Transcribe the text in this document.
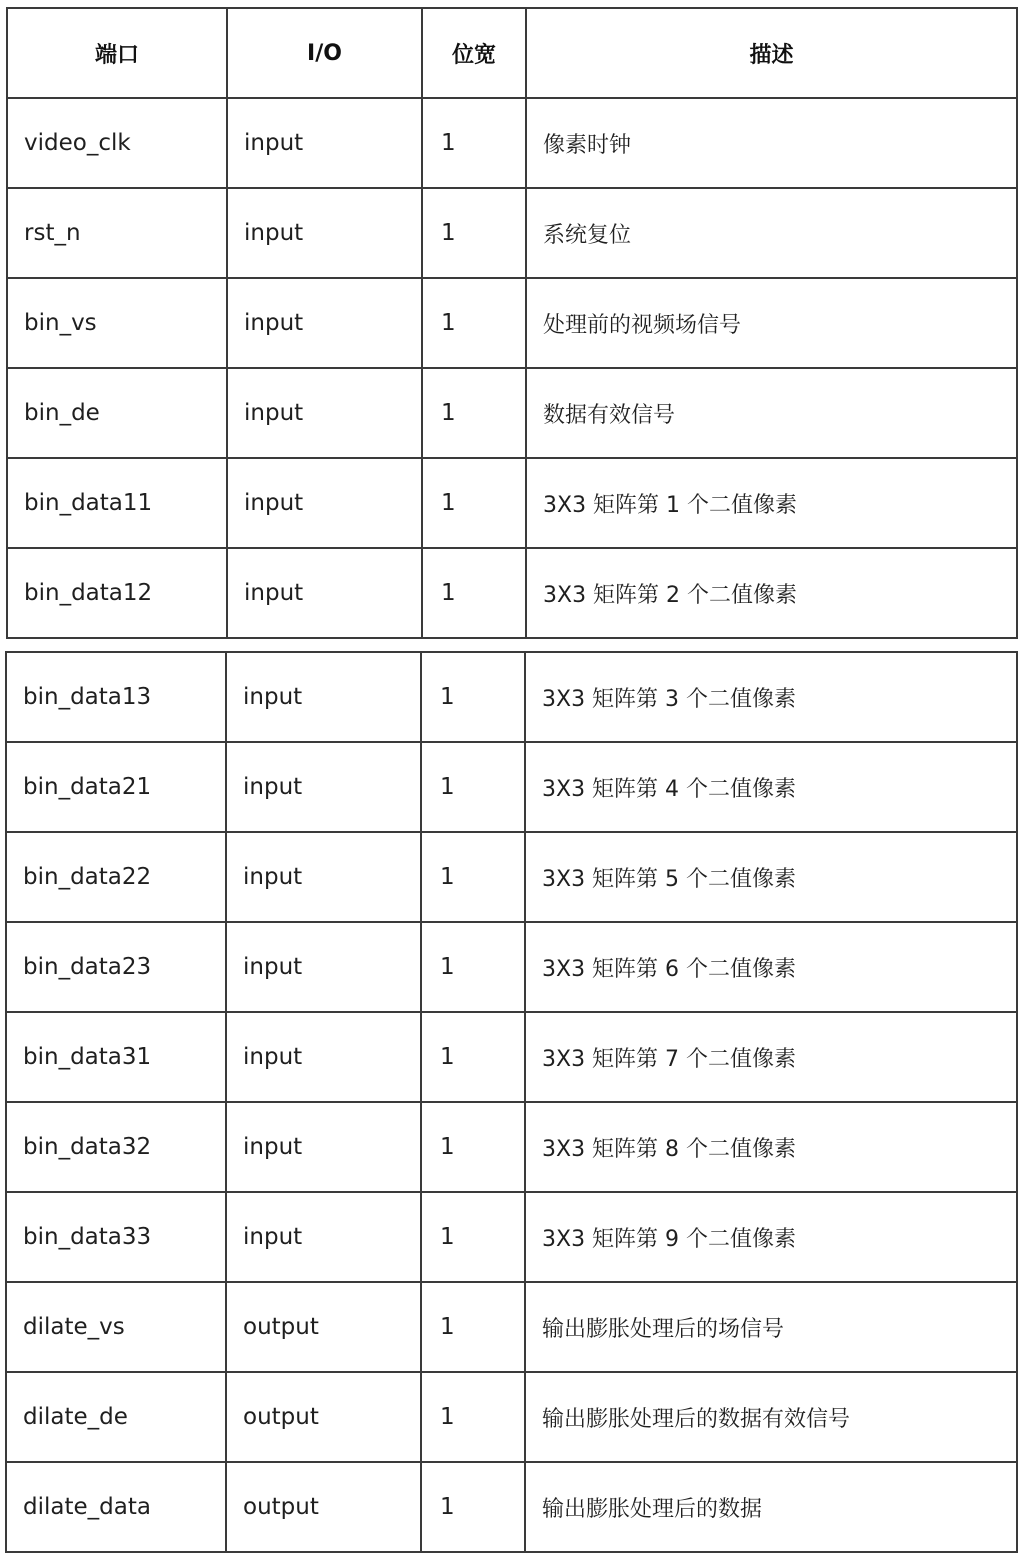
端口	I/O	位宽	描述
video_clk	input	1	像素时钟
rst_n	input	1	系统复位
bin_vs	input	1	处理前的视频场信号
bin_de	input	1	数据有效信号
bin_data11	input	1	3X3 矩阵第 1 个二值像素
bin_data12	input	1	3X3 矩阵第 2 个二值像素
bin_data13	input	1	3X3 矩阵第 3 个二值像素
bin_data21	input	1	3X3 矩阵第 4 个二值像素
bin_data22	input	1	3X3 矩阵第 5 个二值像素
bin_data23	input	1	3X3 矩阵第 6 个二值像素
bin_data31	input	1	3X3 矩阵第 7 个二值像素
bin_data32	input	1	3X3 矩阵第 8 个二值像素
bin_data33	input	1	3X3 矩阵第 9 个二值像素
dilate_vs	output	1	输出膨胀处理后的场信号
dilate_de	output	1	输出膨胀处理后的数据有效信号
dilate_data	output	1	输出膨胀处理后的数据
